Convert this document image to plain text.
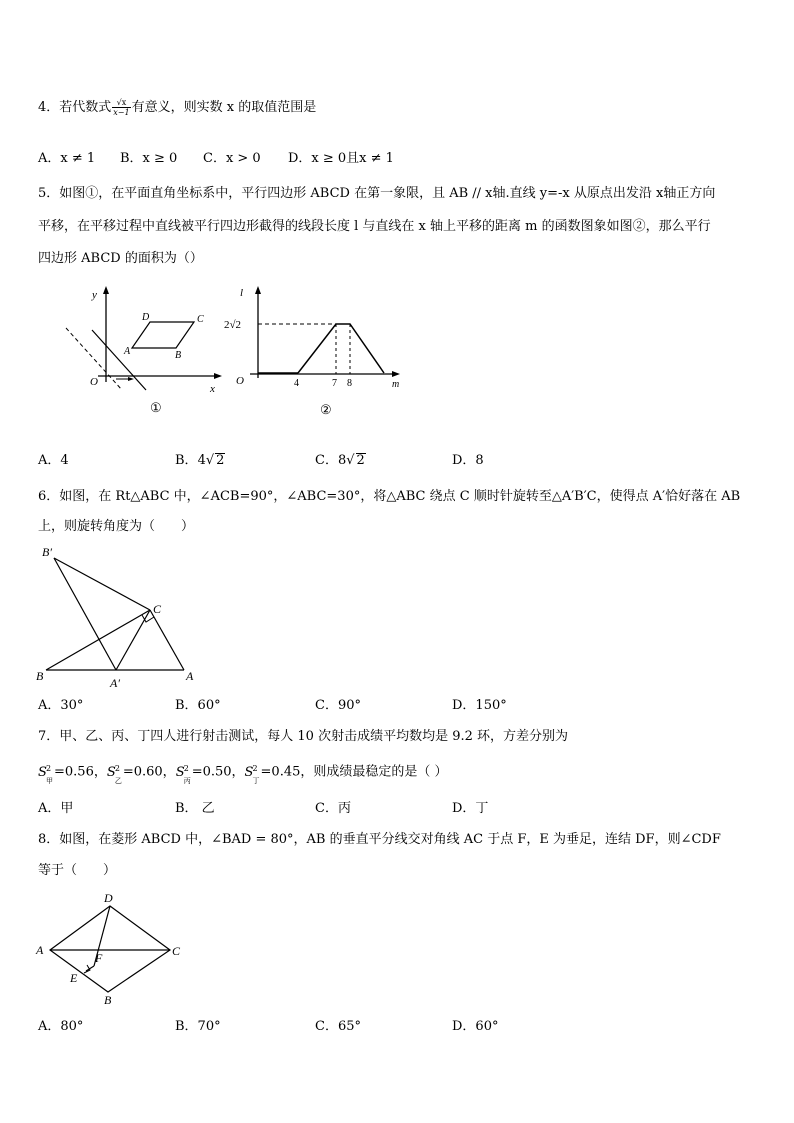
4．若代数式 $\frac{√x}{x-1}$ 有意义，则实数 x 的取值范围是
A．x ≠ 1 B．x ≥ 0 C．x > 0 D．x ≥ 0且x ≠ 1
5．如图①，在平面直角坐标系中，平行四边形 ABCD 在第一象限，且 AB // x轴.直线 y=-x 从原点出发沿 x轴正方向
平移，在平移过程中直线被平行四边形截得的线段长度 l 与直线在 x 轴上平移的距离 m 的函数图象如图②，那么平行
四边形 ABCD 的面积为（）
y
x
O
A	B
C
D
①
l
m
O
2√2
4	7 8
②
A．4	B．4√ 2	C．8√ 2	D．8
6．如图，在 Rt△ABC 中，∠ACB=90°，∠ABC=30°，将△ABC 绕点 C 顺时针旋转至△A′B′C，使得点 A′恰好落在 AB
上，则旋转角度为（　　）
B′
C
B	A′	A
A．30°	B．60°	C．90°	D．150°
7．甲、乙、丙、丁四人进行射击测试，每人 10 次射击成绩平均数均是 9.2 环，方差分别为
S 2
甲
=0.56， S 2
乙
=0.60， S 2
丙
=0.50， S 2
丁
=0.45，则成绩最稳定的是（ ）
A．甲	B． 乙	C．丙	D．丁
8．如图，在菱形 ABCD 中，∠BAD = 80°，AB 的垂直平分线交对角线 AC 于点 F，E 为垂足，连结 DF，则∠CDF
等于（　　）
A
D
C
B
E
F
A．80°	B．70°	C．65°	D．60°
